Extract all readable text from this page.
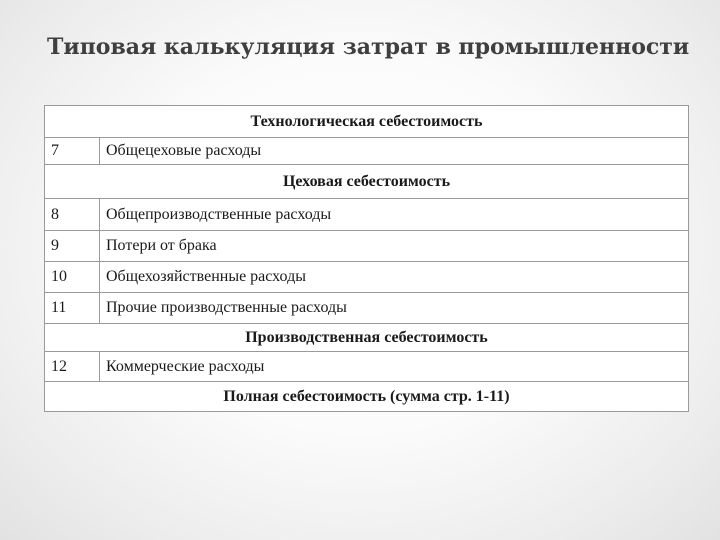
Типовая калькуляция затрат в промышленности
Технологическая себестоимость	
7	Общецеховые расходы
Цеховая себестоимость	
8	Общепроизводственные расходы
9	Потери от брака
10	Общехозяйственные расходы
11	Прочие производственные расходы
Производственная себестоимость	
12	Коммерческие расходы
Полная себестоимость (сумма стр. 1-11)	
